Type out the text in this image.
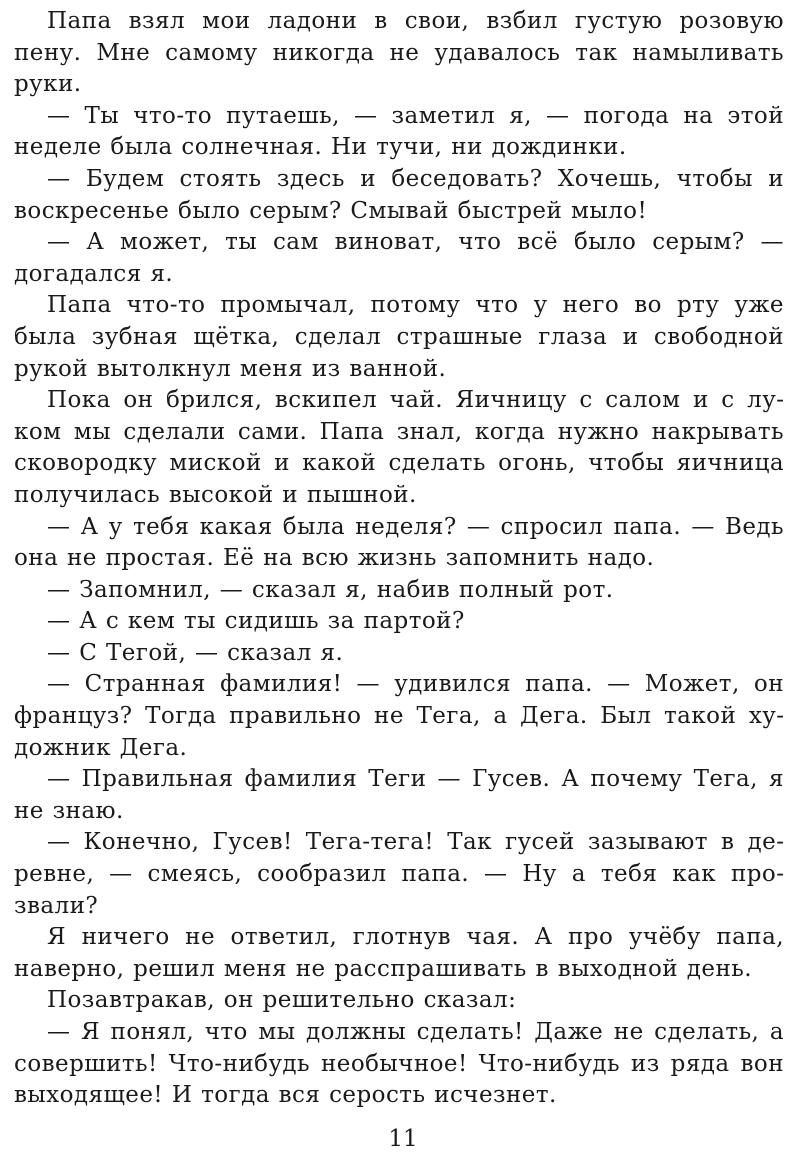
Папа взял мои ладони в свои, взбил густую розовую пену. Мне самому никогда не удавалось так намыливать руки.

— Ты что-то путаешь, — заметил я, — погода на этой неделе была солнечная. Ни тучи, ни дождинки.

— Будем стоять здесь и беседовать? Хочешь, чтобы и воскресенье было серым? Смывай быстрей мыло!

— А может, ты сам виноват, что всё было серым? — догадался я.

Папа что-то промычал, потому что у него во рту уже была зубная щётка, сделал страшные глаза и свободной рукой вытолкнул меня из ванной.

Пока он брился, вскипел чай. Яичницу с салом и с луком мы сделали сами. Папа знал, когда нужно накрывать сковородку миской и какой сделать огонь, чтобы яичница получилась высокой и пышной.

— А у тебя какая была неделя? — спросил папа. — Ведь она не простая. Её на всю жизнь запомнить надо.

— Запомнил, — сказал я, набив полный рот.

— А с кем ты сидишь за партой?

— С Тегой, — сказал я.

— Странная фамилия! — удивился папа. — Может, он француз? Тогда правильно не Тега, а Дега. Был такой художник Дега.

— Правильная фамилия Теги — Гусев. А почему Тега, я не знаю.

— Конечно, Гусев! Тега-тега! Так гусей зазывают в деревне, — смеясь, сообразил папа. — Ну а тебя как прозвали?

Я ничего не ответил, глотнув чая. А про учёбу папа, наверно, решил меня не расспрашивать в выходной день.

Позавтракав, он решительно сказал:

— Я понял, что мы должны сделать! Даже не сделать, а совершить! Что-нибудь необычное! Что-нибудь из ряда вон выходящее! И тогда вся серость исчезнет.

11
